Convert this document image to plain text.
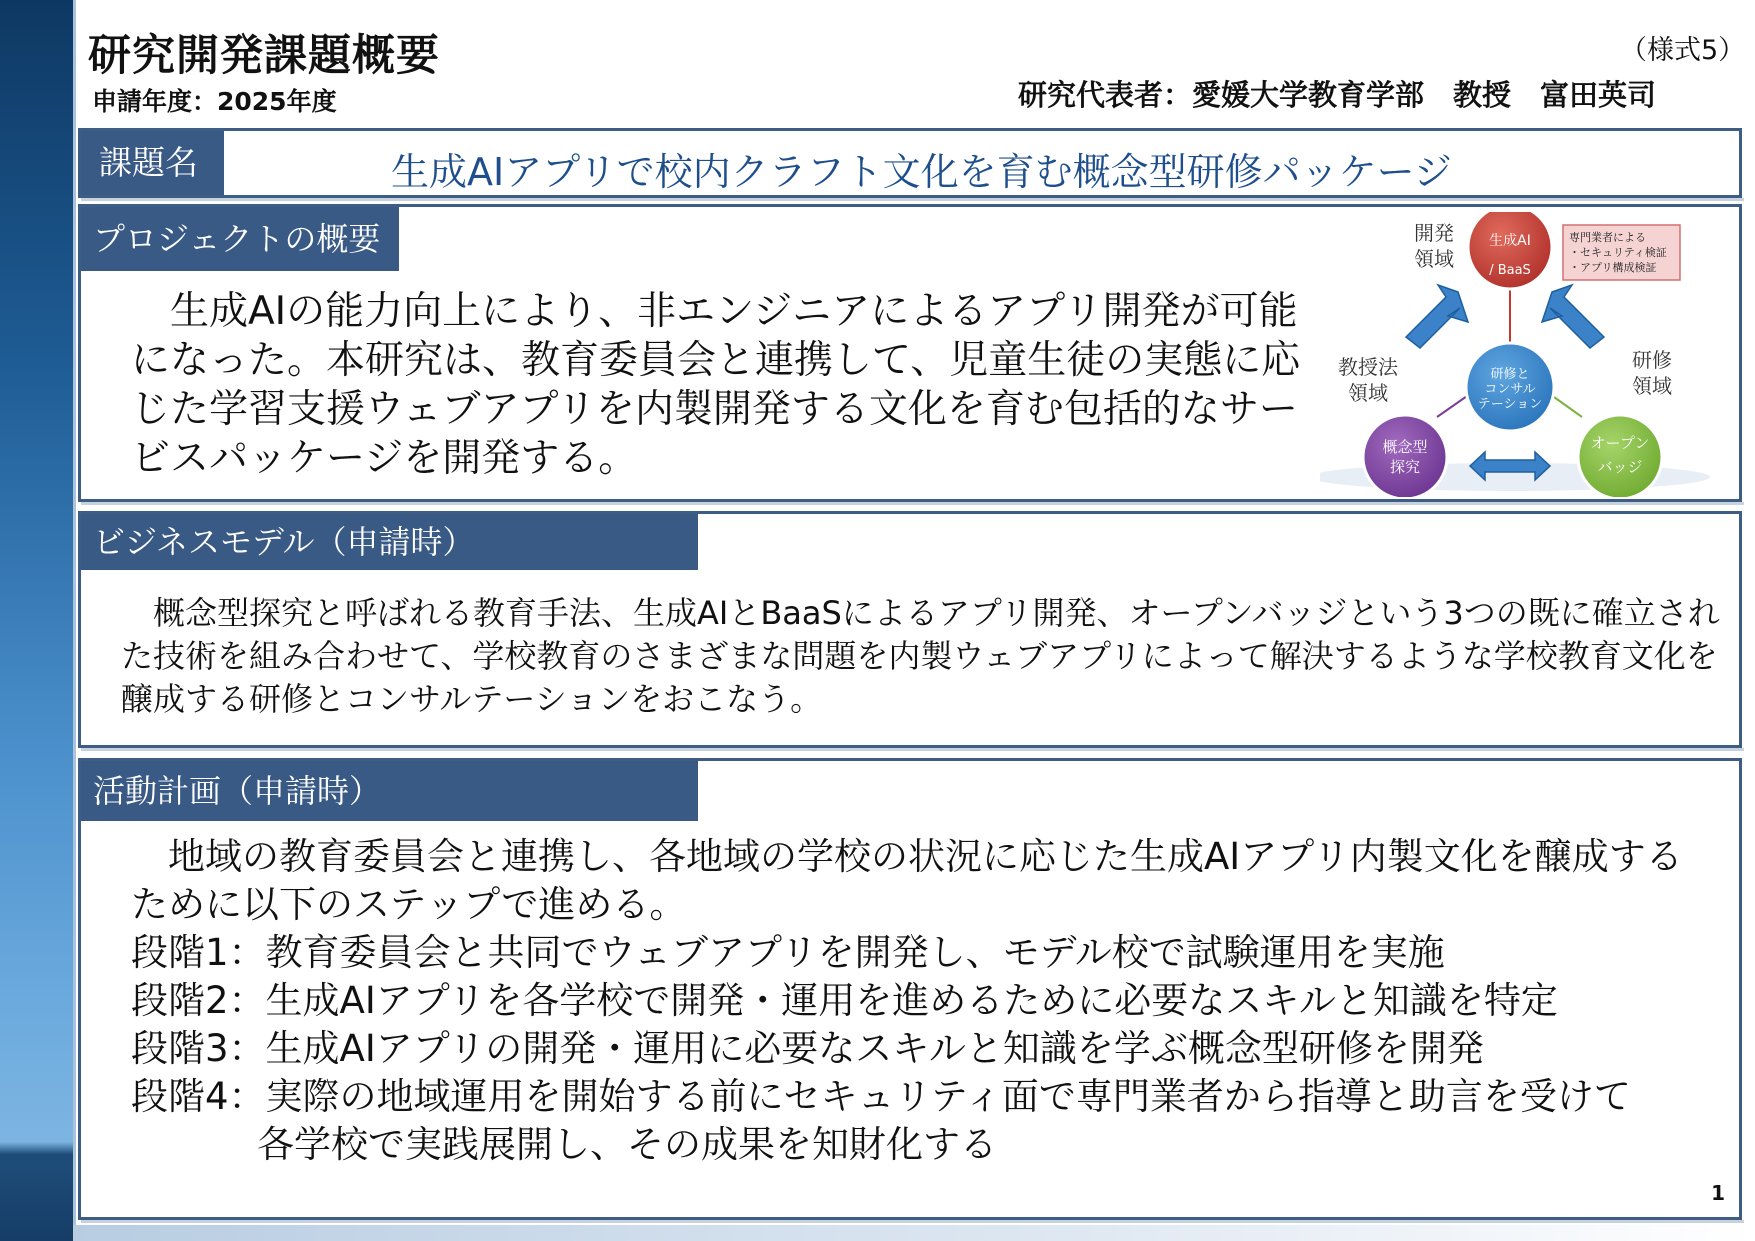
研究開発課題概要
申請年度：2025年度
（様式5）
研究代表者：愛媛大学教育学部　教授　富田英司
課題名	生成AIアプリで校内クラフト文化を育む概念型研修パッケージ
プロジェクトの概要
　生成AIの能力向上により、非エンジニアによるアプリ開発が可能になった。本研究は、教育委員会と連携して、児童生徒の実態に応じた学習支援ウェブアプリを内製開発する文化を育む包括的なサービスパッケージを開発する。
生成AI
/ BaaS
研修と
コンサル
テーション
概念型
探究
オープン
バッジ
開発
領域
教授法
領域
研修
領域
専門業者による
・セキュリティ検証
・アプリ構成検証
ビジネスモデル（申請時）
　概念型探究と呼ばれる教育手法、生成AIとBaaSによるアプリ開発、オープンバッジという3つの既に確立された技術を組み合わせて、学校教育のさまざまな問題を内製ウェブアプリによって解決するような学校教育文化を醸成する研修とコンサルテーションをおこなう。
活動計画（申請時）
　地域の教育委員会と連携し、各地域の学校の状況に応じた生成AIアプリ内製文化を醸成するために以下のステップで進める。
段階1：教育委員会と共同でウェブアプリを開発し、モデル校で試験運用を実施
段階2：生成AIアプリを各学校で開発・運用を進めるために必要なスキルと知識を特定
段階3：生成AIアプリの開発・運用に必要なスキルと知識を学ぶ概念型研修を開発
段階4：実際の地域運用を開始する前にセキュリティ面で専門業者から指導と助言を受けて
各学校で実践展開し、その成果を知財化する
1
